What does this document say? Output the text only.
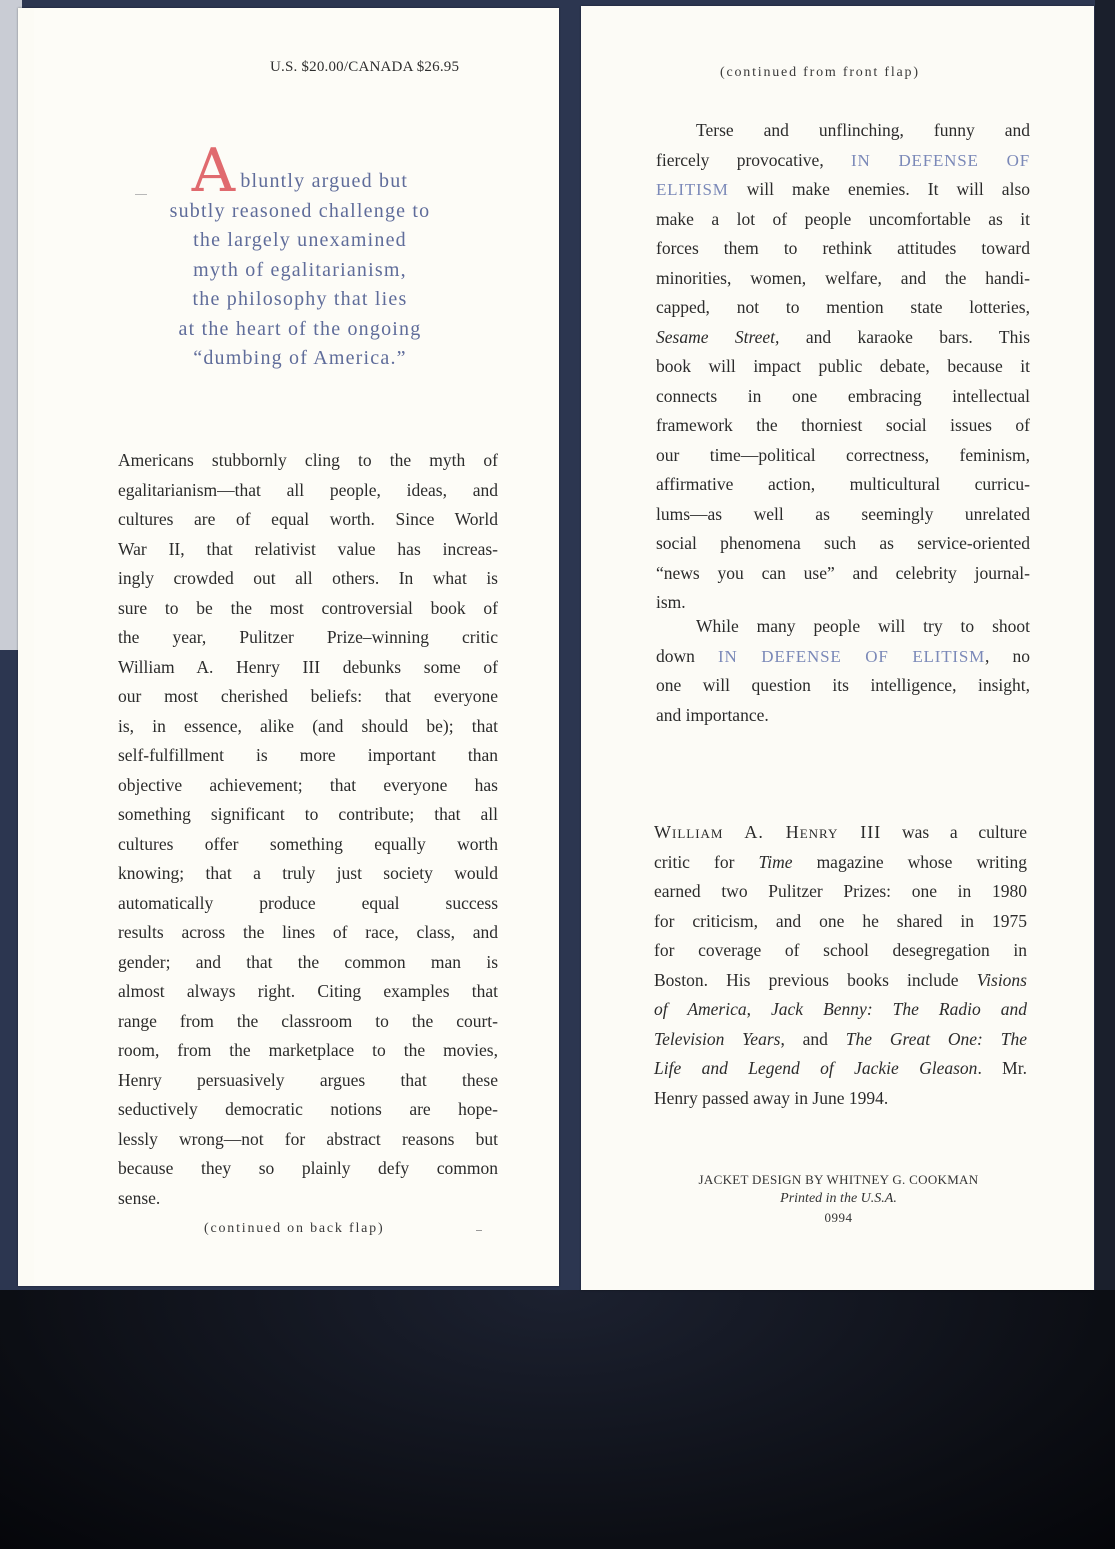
U.S. $20.00/CANADA $26.95
Abluntly argued but
subtly reasoned challenge to
the largely unexamined
myth of egalitarianism,
the philosophy that lies
at the heart of the ongoing
“dumbing of America.”
Americans stubbornly cling to the myth of
egalitarianism—that all people, ideas, and
cultures are of equal worth. Since World
War II, that relativist value has increas-
ingly crowded out all others. In what is
sure to be the most controversial book of
the year, Pulitzer Prize–winning critic
William A. Henry III debunks some of
our most cherished beliefs: that everyone
is, in essence, alike (and should be); that
self-fulfillment is more important than
objective achievement; that everyone has
something significant to contribute; that all
cultures offer something equally worth
knowing; that a truly just society would
automatically produce equal success
results across the lines of race, class, and
gender; and that the common man is
almost always right. Citing examples that
range from the classroom to the court-
room, from the marketplace to the movies,
Henry persuasively argues that these
seductively democratic notions are hope-
lessly wrong—not for abstract reasons but
because they so plainly defy common
sense.
(continued on back flap)
(continued from front flap)
Terse and unflinching, funny and
fiercely provocative, IN DEFENSE OF
ELITISM will make enemies. It will also
make a lot of people uncomfortable as it
forces them to rethink attitudes toward
minorities, women, welfare, and the handi-
capped, not to mention state lotteries,
Sesame Street, and karaoke bars. This
book will impact public debate, because it
connects in one embracing intellectual
framework the thorniest social issues of
our time—political correctness, feminism,
affirmative action, multicultural curricu-
lums—as well as seemingly unrelated
social phenomena such as service-oriented
“news you can use” and celebrity journal-
ism.
While many people will try to shoot
down IN DEFENSE OF ELITISM, no
one will question its intelligence, insight,
and importance.
William A. Henry III was a culture
critic for Time magazine whose writing
earned two Pulitzer Prizes: one in 1980
for criticism, and one he shared in 1975
for coverage of school desegregation in
Boston. His previous books include Visions
of America, Jack Benny: The Radio and
Television Years, and The Great One: The
Life and Legend of Jackie Gleason. Mr.
Henry passed away in June 1994.
JACKET DESIGN BY WHITNEY G. COOKMAN
Printed in the U.S.A.
0994
